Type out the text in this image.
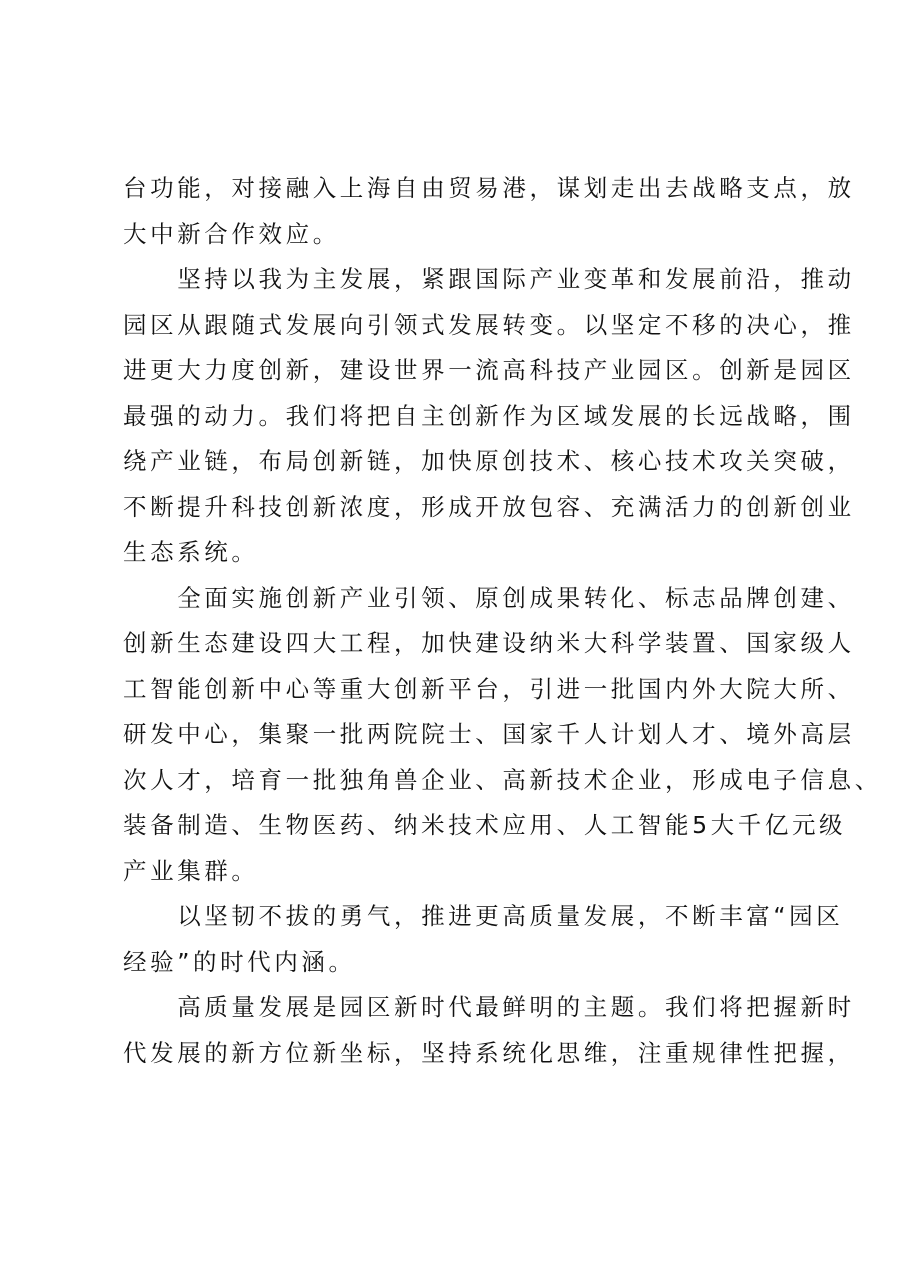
台功能，对接融入上海自由贸易港，谋划走出去战略支点，放
大中新合作效应。

　　坚持以我为主发展，紧跟国际产业变革和发展前沿，推动
园区从跟随式发展向引领式发展转变。以坚定不移的决心，推
进更大力度创新，建设世界一流高科技产业园区。创新是园区
最强的动力。我们将把自主创新作为区域发展的长远战略，围
绕产业链，布局创新链，加快原创技术、核心技术攻关突破，
不断提升科技创新浓度，形成开放包容、充满活力的创新创业
生态系统。

　　全面实施创新产业引领、原创成果转化、标志品牌创建、
创新生态建设四大工程，加快建设纳米大科学装置、国家级人
工智能创新中心等重大创新平台，引进一批国内外大院大所、
研发中心，集聚一批两院院士、国家千人计划人才、境外高层
次人才，培育一批独角兽企业、高新技术企业，形成电子信息、
装备制造、生物医药、纳米技术应用、人工智能5大千亿元级
产业集群。

　　以坚韧不拔的勇气，推进更高质量发展，不断丰富“园区
经验”的时代内涵。

　　高质量发展是园区新时代最鲜明的主题。我们将把握新时
代发展的新方位新坐标，坚持系统化思维，注重规律性把握，
